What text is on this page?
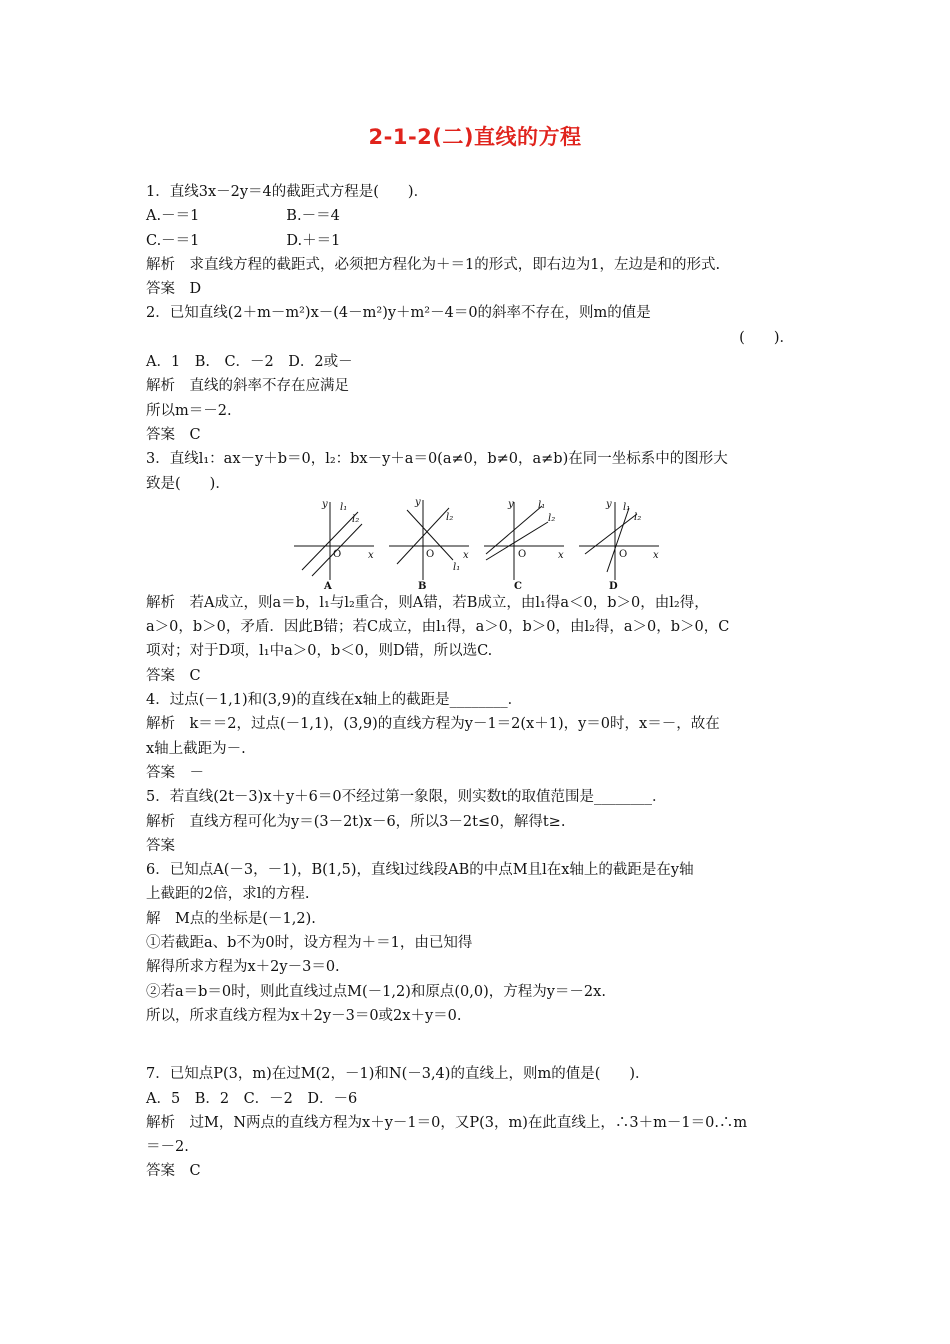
2-1-2(二)直线的方程
1．直线3x－2y＝4的截距式方程是(　　)．
A.－＝1　　　　　　B.－＝4
C.－＝1　　　　　　D.＋＝1
解析　求直线方程的截距式，必须把方程化为＋＝1的形式，即右边为1，左边是和的形式.
答案　D
2．已知直线(2＋m－m²)x－(4－m²)y＋m²－4＝0的斜率不存在，则m的值是
(　　)．
A．1　B.　C．－2　D．2或－
解析　直线的斜率不存在应满足
所以m＝－2.
答案　C
3．直线l₁：ax－y＋b＝0，l₂：bx－y＋a＝0(a≠0，b≠0，a≠b)在同一坐标系中的图形大
致是(　　)．
y
x
O
l₁
l₂
A
y
x
O
l₂
l₁
B
y
x
O
l₁
l₂
C
y
x
O
l₁
l₂
D
解析　若A成立，则a＝b，l₁与l₂重合，则A错，若B成立，由l₁得a＜0，b＞0，由l₂得，
a＞0，b＞0，矛盾．因此B错；若C成立，由l₁得，a＞0，b＞0，由l₂得，a＞0，b＞0，C
项对；对于D项，l₁中a＞0，b＜0，则D错，所以选C.
答案　C
4．过点(－1,1)和(3,9)的直线在x轴上的截距是________．
解析　k＝＝2，过点(－1,1)，(3,9)的直线方程为y－1＝2(x＋1)，y＝0时，x＝－，故在
x轴上截距为－.
答案　－
5．若直线(2t－3)x＋y＋6＝0不经过第一象限，则实数t的取值范围是________．
解析　直线方程可化为y＝(3－2t)x－6，所以3－2t≤0，解得t≥.
答案
6．已知点A(－3，－1)，B(1,5)，直线l过线段AB的中点M且l在x轴上的截距是在y轴
上截距的2倍，求l的方程.
解　M点的坐标是(－1,2).
①若截距a、b不为0时，设方程为＋＝1，由已知得
解得所求方程为x＋2y－3＝0.
②若a＝b＝0时，则此直线过点M(－1,2)和原点(0,0)，方程为y＝－2x.
所以，所求直线方程为x＋2y－3＝0或2x＋y＝0.
7．已知点P(3，m)在过M(2，－1)和N(－3,4)的直线上，则m的值是(　　)．
A．5　B．2　C．－2　D．－6
解析　过M，N两点的直线方程为x＋y－1＝0，又P(3，m)在此直线上，∴3＋m－1＝0.∴m
＝－2.
答案　C
